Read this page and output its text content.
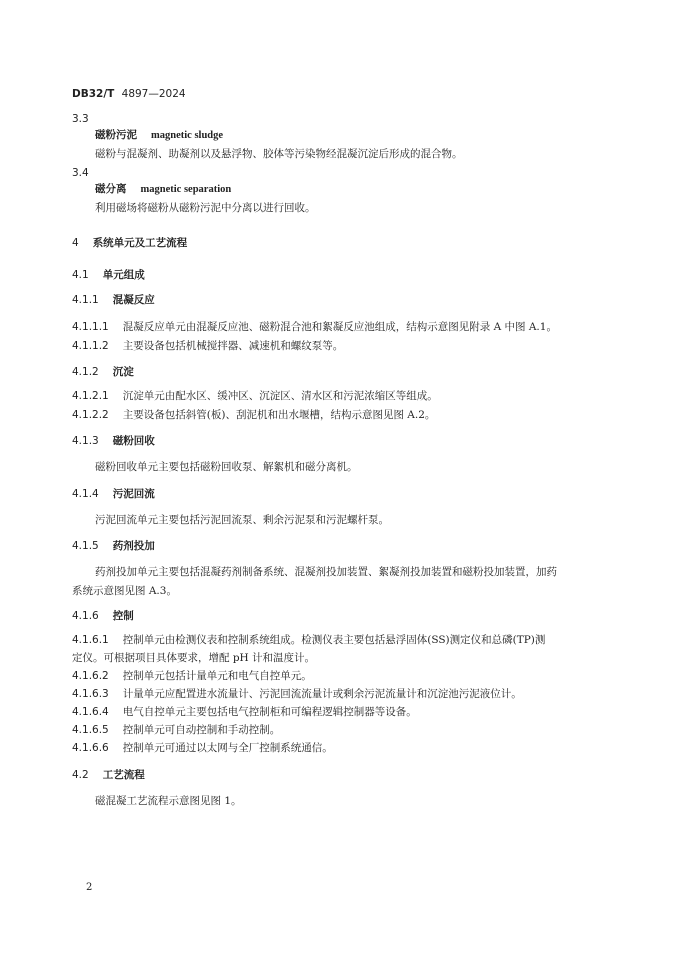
DB32/T 4897—2024
3.3
磁粉污泥 magnetic sludge
磁粉与混凝剂、助凝剂以及悬浮物、胶体等污染物经混凝沉淀后形成的混合物。
3.4
磁分离 magnetic separation
利用磁场将磁粉从磁粉污泥中分离以进行回收。
4 系统单元及工艺流程
4.1 单元组成
4.1.1 混凝反应
4.1.1.1 混凝反应单元由混凝反应池、磁粉混合池和絮凝反应池组成，结构示意图见附录 A 中图 A.1。
4.1.1.2 主要设备包括机械搅拌器、减速机和螺纹泵等。
4.1.2 沉淀
4.1.2.1 沉淀单元由配水区、缓冲区、沉淀区、清水区和污泥浓缩区等组成。
4.1.2.2 主要设备包括斜管(板)、刮泥机和出水堰槽，结构示意图见图 A.2。
4.1.3 磁粉回收
磁粉回收单元主要包括磁粉回收泵、解絮机和磁分离机。
4.1.4 污泥回流
污泥回流单元主要包括污泥回流泵、剩余污泥泵和污泥螺杆泵。
4.1.5 药剂投加
药剂投加单元主要包括混凝药剂制备系统、混凝剂投加装置、絮凝剂投加装置和磁粉投加装置，加药
系统示意图见图 A.3。
4.1.6 控制
4.1.6.1 控制单元由检测仪表和控制系统组成。检测仪表主要包括悬浮固体(SS)测定仪和总磷(TP)测
定仪。可根据项目具体要求，增配 pH 计和温度计。
4.1.6.2 控制单元包括计量单元和电气自控单元。
4.1.6.3 计量单元应配置进水流量计、污泥回流流量计或剩余污泥流量计和沉淀池污泥液位计。
4.1.6.4 电气自控单元主要包括电气控制柜和可编程逻辑控制器等设备。
4.1.6.5 控制单元可自动控制和手动控制。
4.1.6.6 控制单元可通过以太网与全厂控制系统通信。
4.2 工艺流程
磁混凝工艺流程示意图见图 1。
2
